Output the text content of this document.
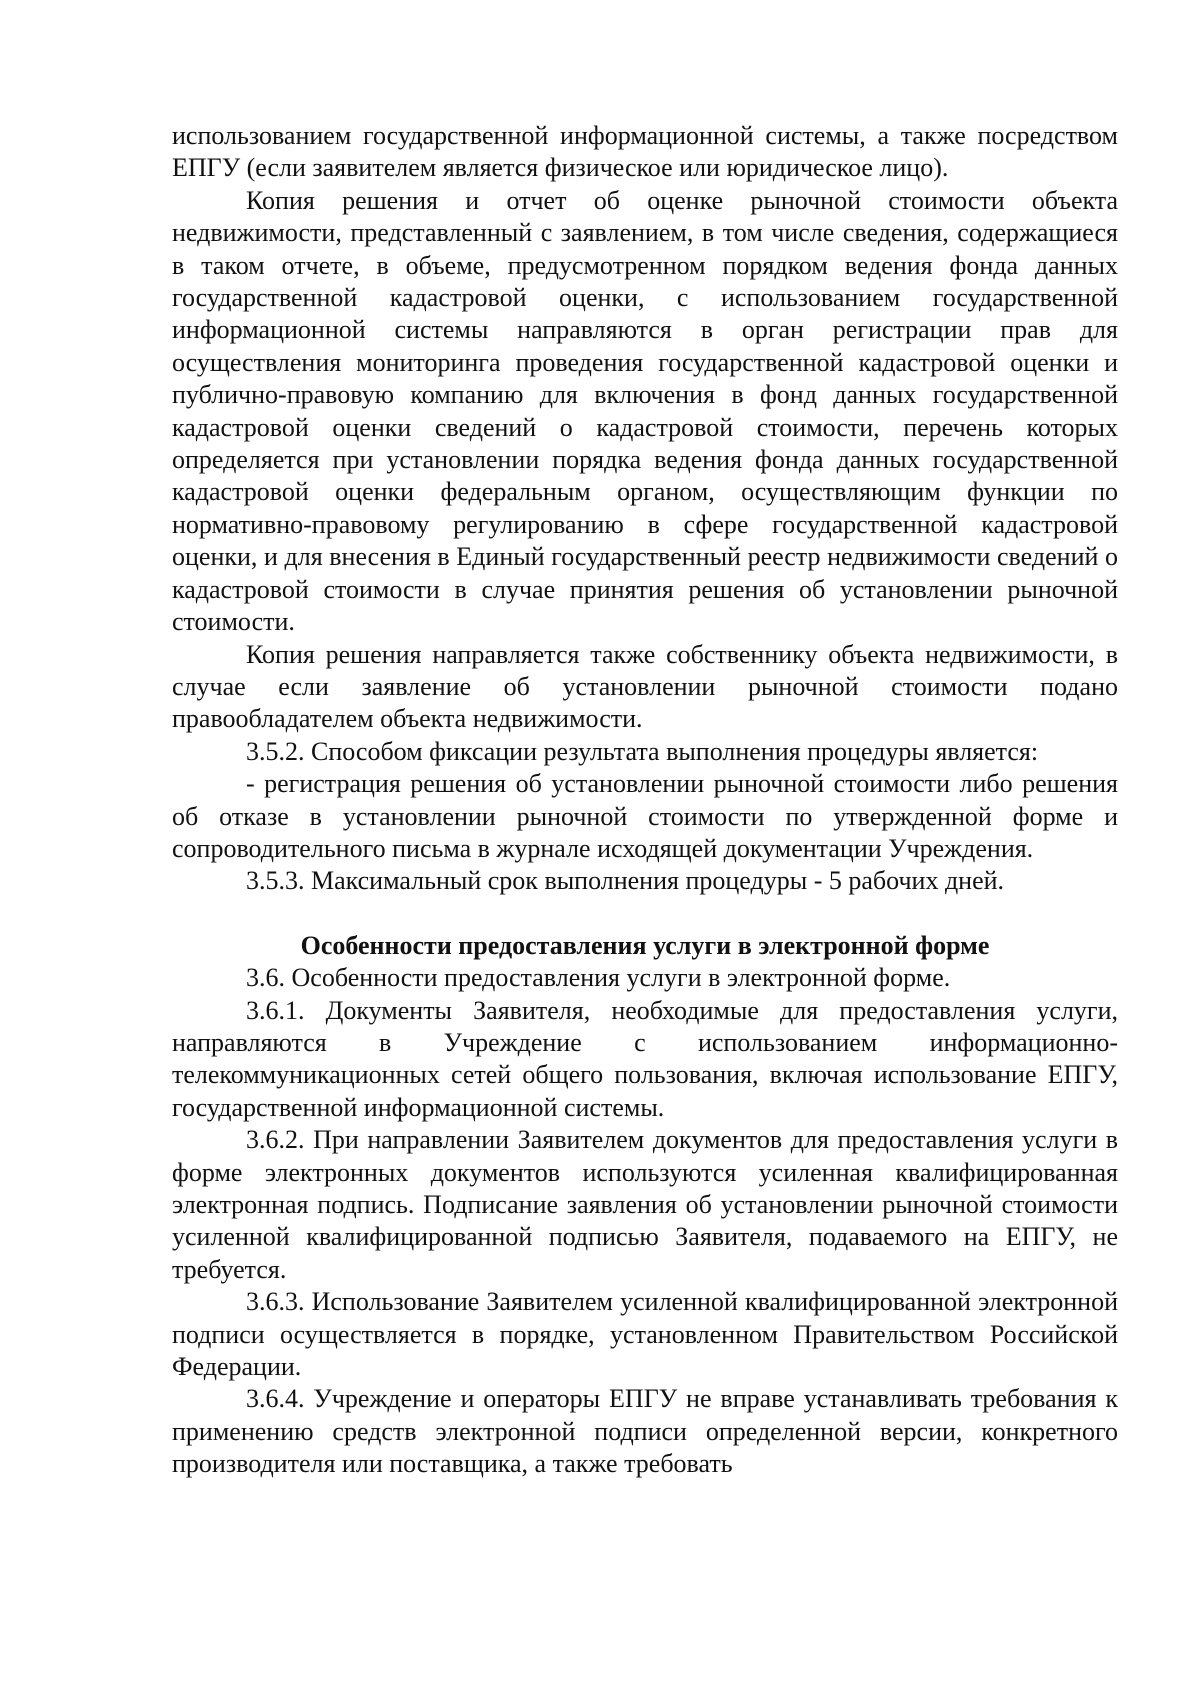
использованием государственной информационной системы, а также посредством ЕПГУ (если заявителем является физическое или юридическое лицо).

Копия решения и отчет об оценке рыночной стоимости объекта недвижимости, представленный с заявлением, в том числе сведения, содержащиеся в таком отчете, в объеме, предусмотренном порядком ведения фонда данных государственной кадастровой оценки, с использованием государственной информационной системы направляются в орган регистрации прав для осуществления мониторинга проведения государственной кадастровой оценки и публично-правовую компанию для включения в фонд данных государственной кадастровой оценки сведений о кадастровой стоимости, перечень которых определяется при установлении порядка ведения фонда данных государственной кадастровой оценки федеральным органом, осуществляющим функции по нормативно-правовому регулированию в сфере государственной кадастровой оценки, и для внесения в Единый государственный реестр недвижимости сведений о кадастровой стоимости в случае принятия решения об установлении рыночной стоимости.

Копия решения направляется также собственнику объекта недвижимости, в случае если заявление об установлении рыночной стоимости подано правообладателем объекта недвижимости.

3.5.2. Способом фиксации результата выполнения процедуры является:

- регистрация решения об установлении рыночной стоимости либо решения об отказе в установлении рыночной стоимости по утвержденной форме и сопроводительного письма в журнале исходящей документации Учреждения.

3.5.3. Максимальный срок выполнения процедуры - 5 рабочих дней.

Особенности предоставления услуги в электронной форме

3.6. Особенности предоставления услуги в электронной форме.

3.6.1. Документы Заявителя, необходимые для предоставления услуги, направляются в Учреждение с использованием информационно-телекоммуникационных сетей общего пользования, включая использование ЕПГУ, государственной информационной системы.

3.6.2. При направлении Заявителем документов для предоставления услуги в форме электронных документов используются усиленная квалифицированная электронная подпись. Подписание заявления об установлении рыночной стоимости усиленной квалифицированной подписью Заявителя, подаваемого на ЕПГУ, не требуется.

3.6.3. Использование Заявителем усиленной квалифицированной электронной подписи осуществляется в порядке, установленном Правительством Российской Федерации.

3.6.4. Учреждение и операторы ЕПГУ не вправе устанавливать требования к применению средств электронной подписи определенной версии, конкретного производителя или поставщика, а также требовать
